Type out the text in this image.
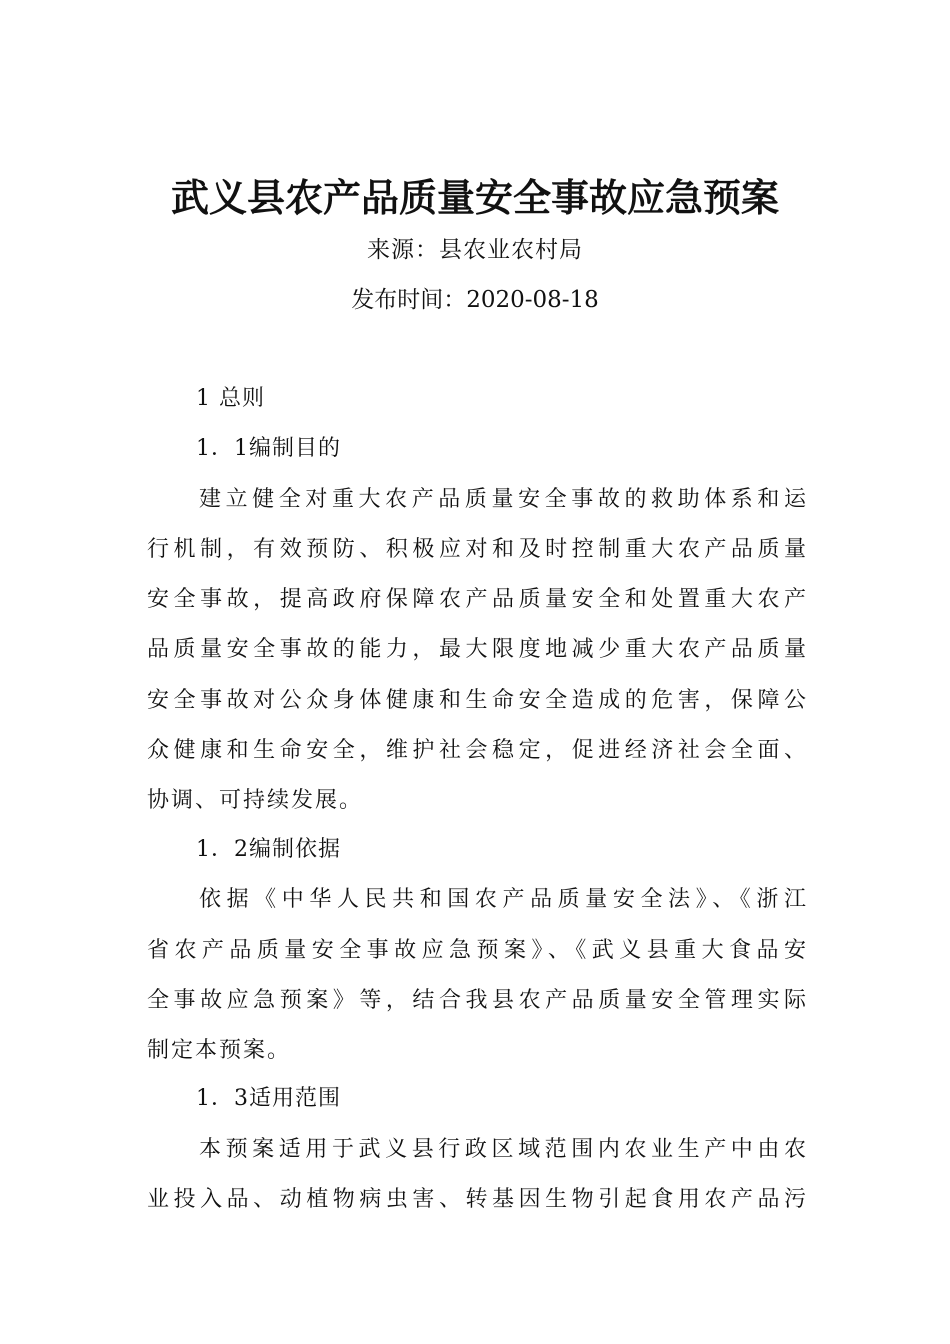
武义县农产品质量安全事故应急预案
来源：县农业农村局
发布时间：2020-08-18
1 总则
1．1编制目的
建立健全对重大农产品质量安全事故的救助体系和运
行机制，有效预防、积极应对和及时控制重大农产品质量
安全事故，提高政府保障农产品质量安全和处置重大农产
品质量安全事故的能力，最大限度地减少重大农产品质量
安全事故对公众身体健康和生命安全造成的危害，保障公
众健康和生命安全，维护社会稳定，促进经济社会全面、
协调、可持续发展。
1．2编制依据
依据《中华人民共和国农产品质量安全法》、《浙江
省农产品质量安全事故应急预案》、《武义县重大食品安
全事故应急预案》等，结合我县农产品质量安全管理实际
制定本预案。
1．3适用范围
本预案适用于武义县行政区域范围内农业生产中由农
业投入品、动植物病虫害、转基因生物引起食用农产品污
